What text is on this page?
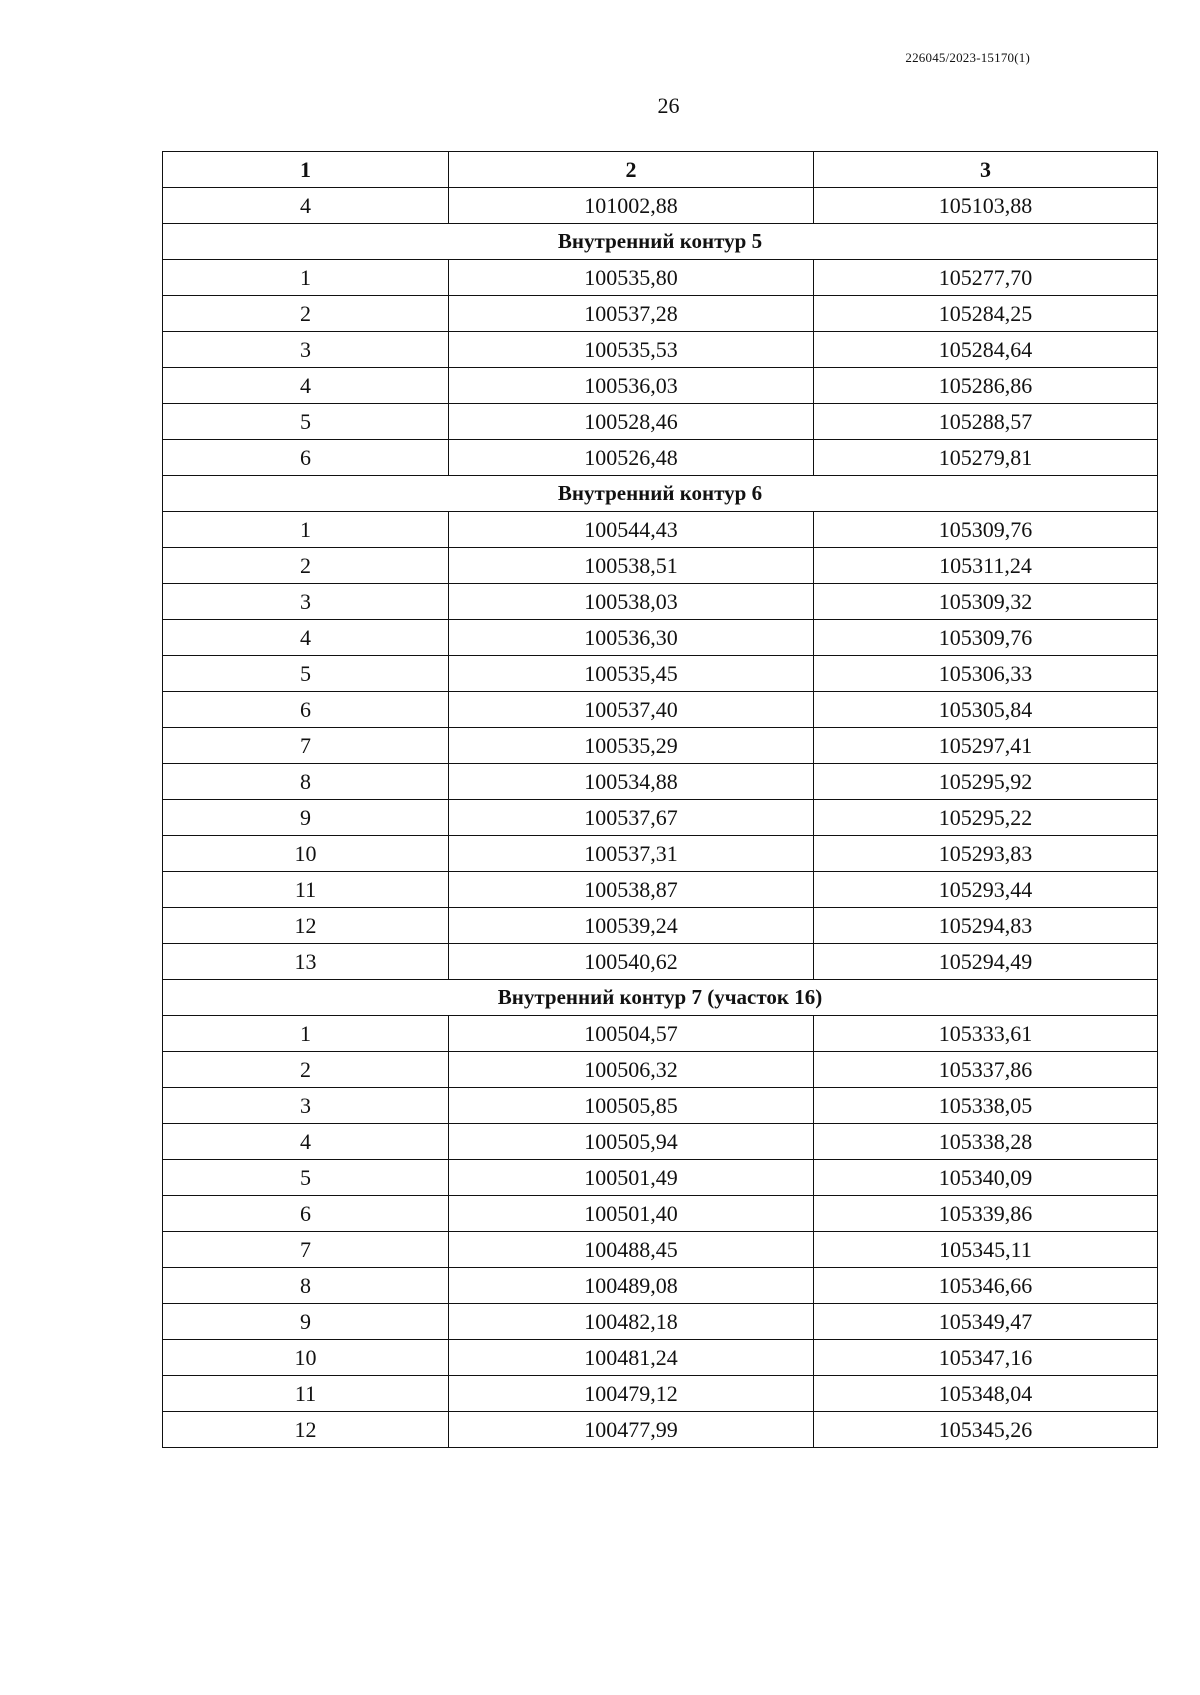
226045/2023-15170(1)
26
1	2	3
4	101002,88	105103,88
Внутренний контур 5		
1	100535,80	105277,70
2	100537,28	105284,25
3	100535,53	105284,64
4	100536,03	105286,86
5	100528,46	105288,57
6	100526,48	105279,81
Внутренний контур 6		
1	100544,43	105309,76
2	100538,51	105311,24
3	100538,03	105309,32
4	100536,30	105309,76
5	100535,45	105306,33
6	100537,40	105305,84
7	100535,29	105297,41
8	100534,88	105295,92
9	100537,67	105295,22
10	100537,31	105293,83
11	100538,87	105293,44
12	100539,24	105294,83
13	100540,62	105294,49
Внутренний контур 7 (участок 16)		
1	100504,57	105333,61
2	100506,32	105337,86
3	100505,85	105338,05
4	100505,94	105338,28
5	100501,49	105340,09
6	100501,40	105339,86
7	100488,45	105345,11
8	100489,08	105346,66
9	100482,18	105349,47
10	100481,24	105347,16
11	100479,12	105348,04
12	100477,99	105345,26
